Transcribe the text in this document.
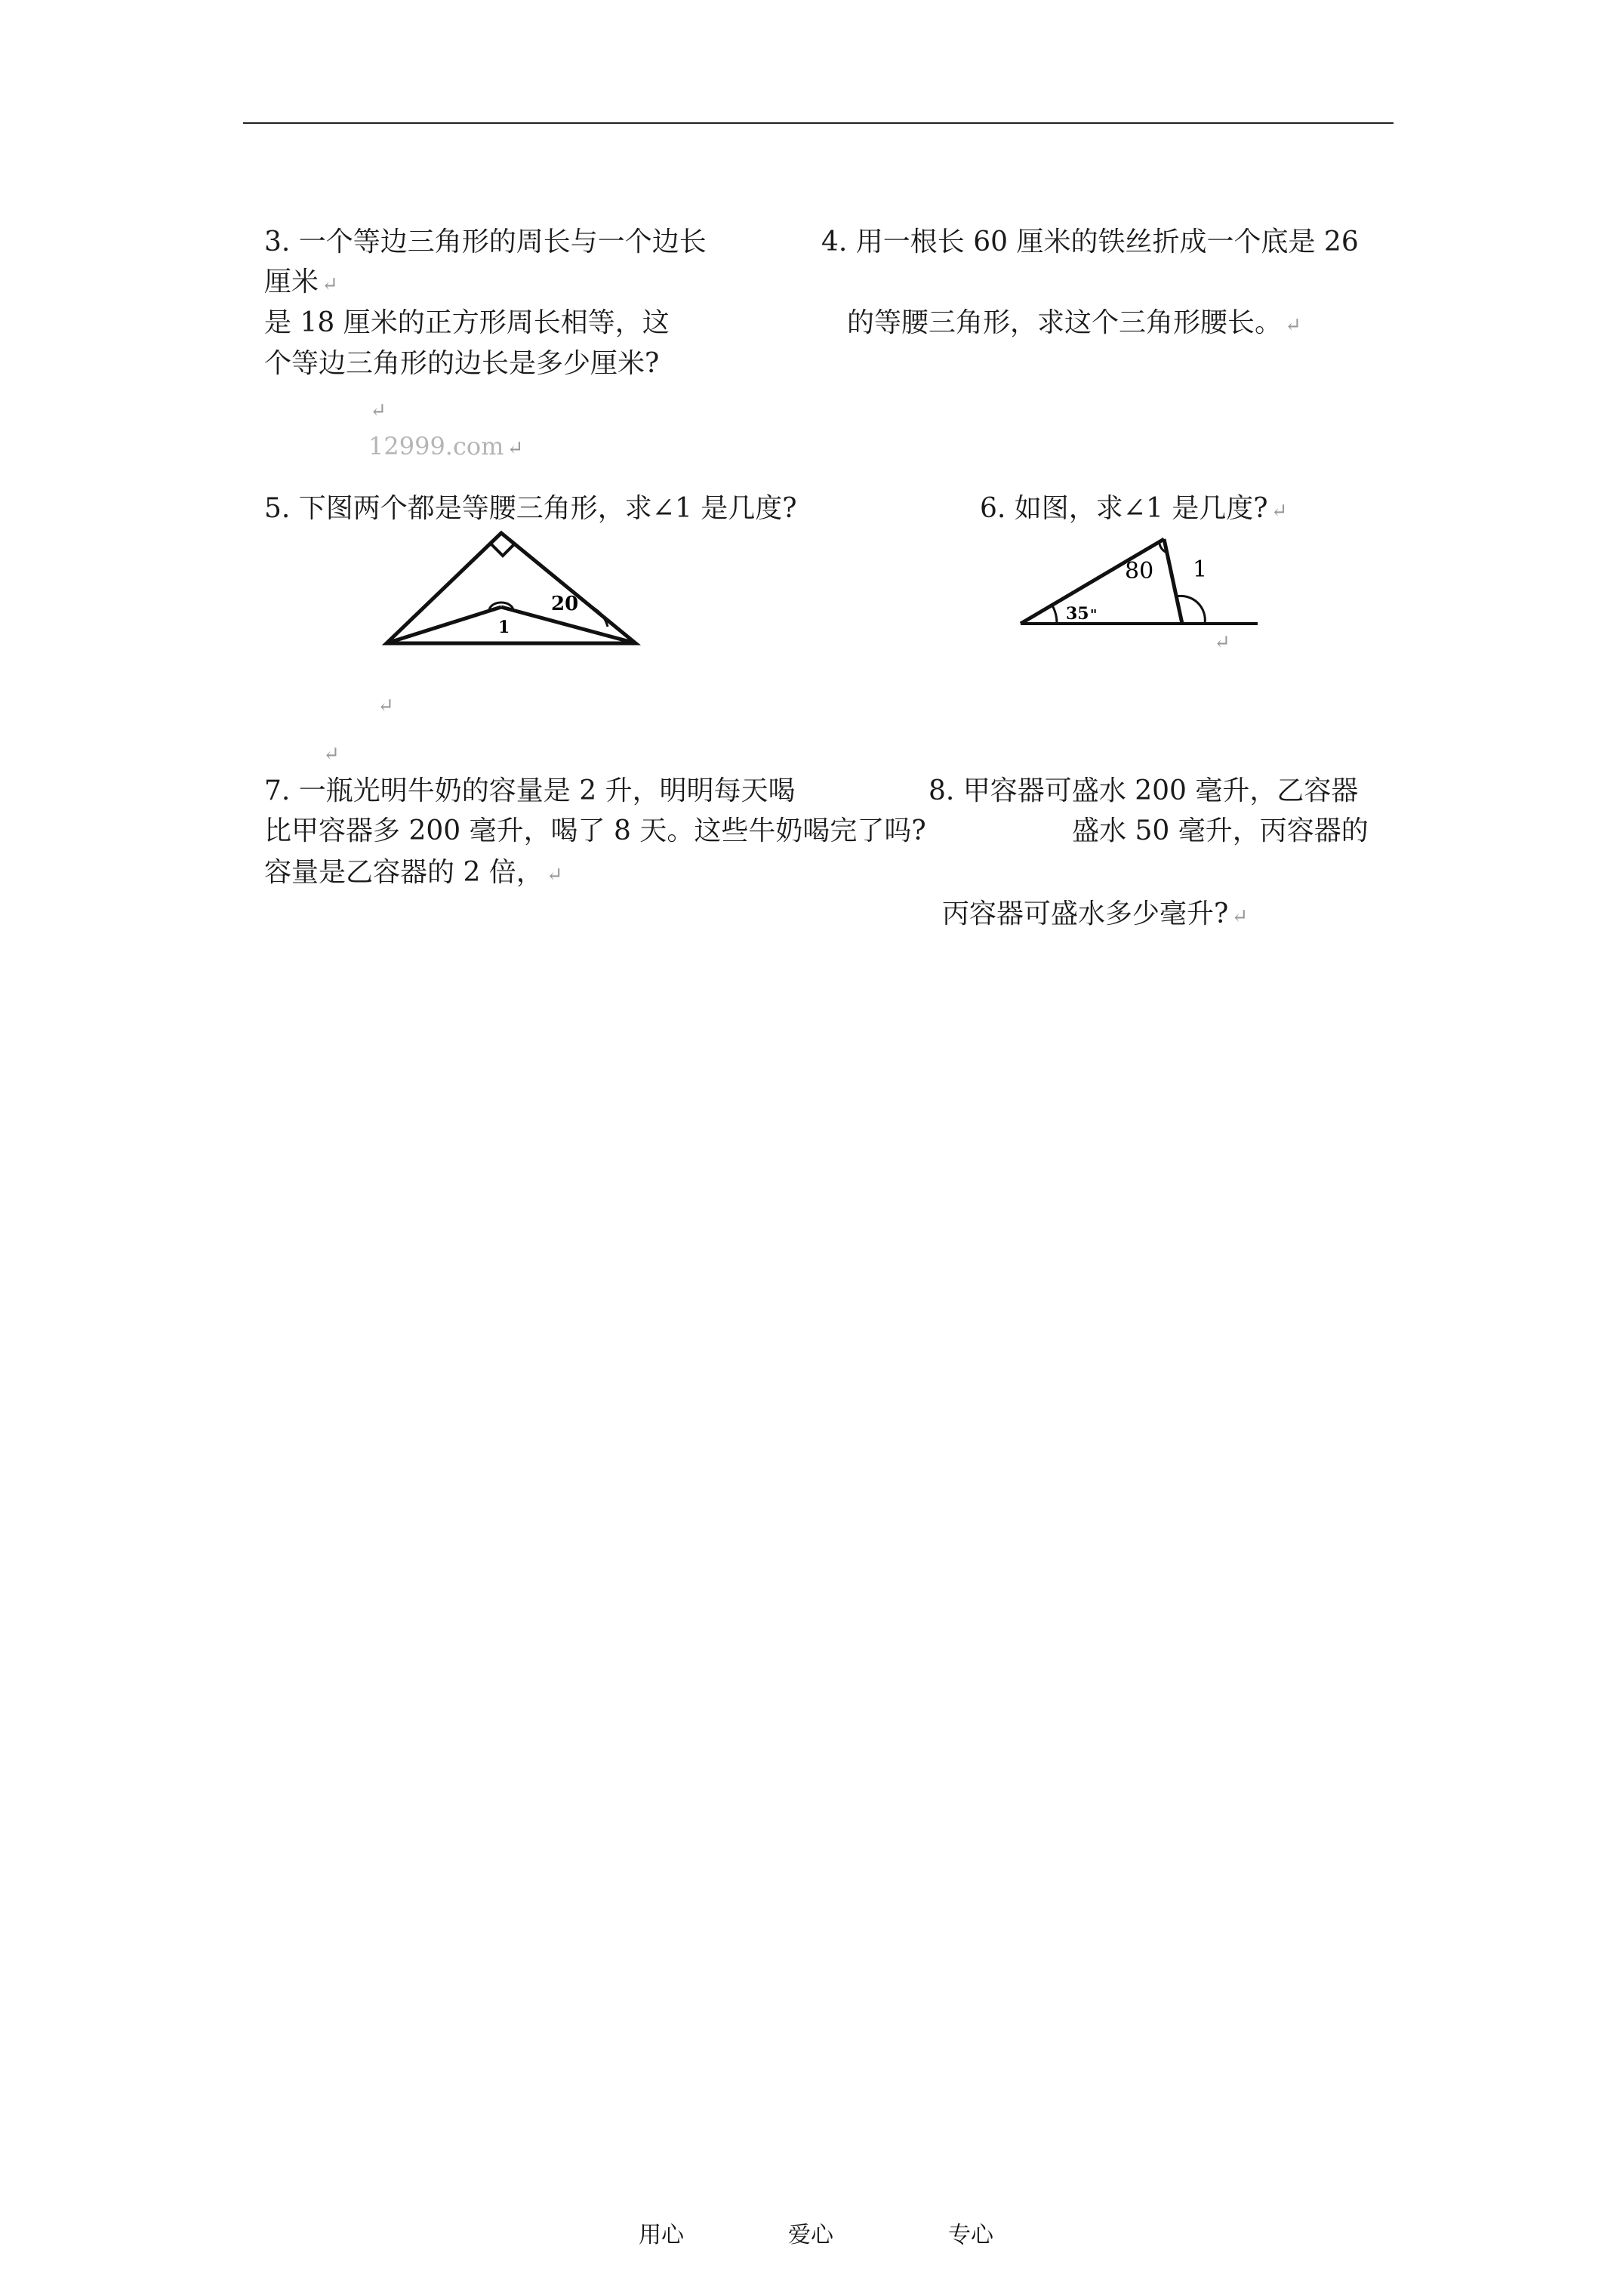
3. 一个等边三角形的周长与一个边长
厘米 ↵
是 18 厘米的正方形周长相等，这
个等边三角形的边长是多少厘米?
↵
12999.com ↵
4. 用一根长 60 厘米的铁丝折成一个底是 26
的等腰三角形，求这个三角形腰长。 ↵
5. 下图两个都是等腰三角形，求∠1 是几度?
1
20
6. 如图，求∠1 是几度? ↵
35 "
80 1
↵
↵
↵
7. 一瓶光明牛奶的容量是 2 升，明明每天喝
比甲容器多 200 毫升，喝了 8 天。这些牛奶喝完了吗?
容量是乙容器的 2 倍， ↵
8. 甲容器可盛水 200 毫升，乙容器
盛水 50 毫升，丙容器的
丙容器可盛水多少毫升? ↵
用心	爱心	专心
